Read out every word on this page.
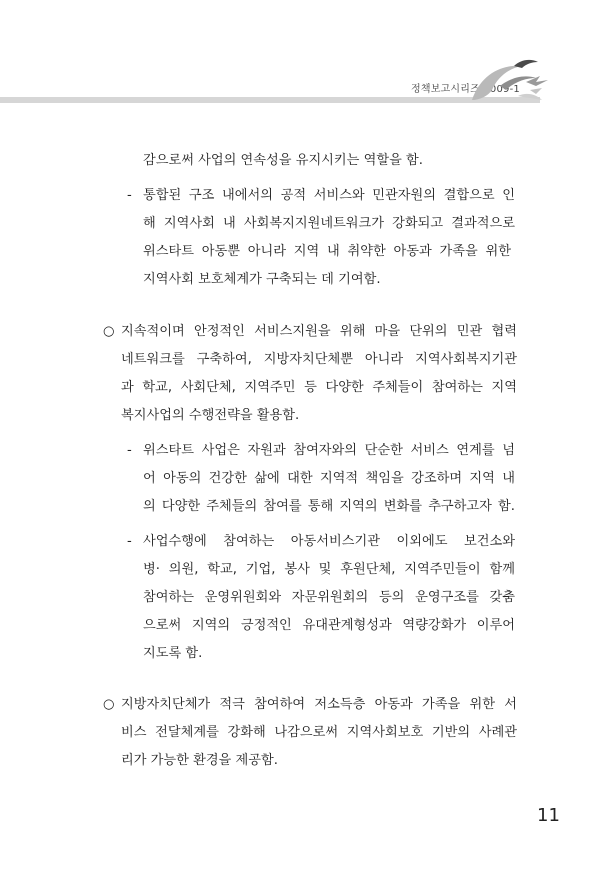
정책보고시리즈 2009-1
감으로써 사업의 연속성을 유지시키는 역할을 함.
- 통합된 구조 내에서의 공적 서비스와 민관자원의 결합으로 인
해 지역사회 내 사회복지지원네트워크가 강화되고 결과적으로
위스타트 아동뿐 아니라 지역 내 취약한 아동과 가족을 위한
지역사회 보호체계가 구축되는 데 기여함.
○ 지속적이며 안정적인 서비스지원을 위해 마을 단위의 민관 협력
네트워크를 구축하여, 지방자치단체뿐 아니라 지역사회복지기관
과 학교, 사회단체, 지역주민 등 다양한 주체들이 참여하는 지역
복지사업의 수행전략을 활용함.
- 위스타트 사업은 자원과 참여자와의 단순한 서비스 연계를 넘
어 아동의 건강한 삶에 대한 지역적 책임을 강조하며 지역 내
의 다양한 주체들의 참여를 통해 지역의 변화를 추구하고자 함.
- 사업수행에 참여하는 아동서비스기관 이외에도 보건소와
병· 의원, 학교, 기업, 봉사 및 후원단체, 지역주민들이 함께
참여하는 운영위원회와 자문위원회의 등의 운영구조를 갖춤
으로써 지역의 긍정적인 유대관계형성과 역량강화가 이루어
지도록 함.
○ 지방자치단체가 적극 참여하여 저소득층 아동과 가족을 위한 서
비스 전달체계를 강화해 나감으로써 지역사회보호 기반의 사례관
리가 가능한 환경을 제공함.
11
